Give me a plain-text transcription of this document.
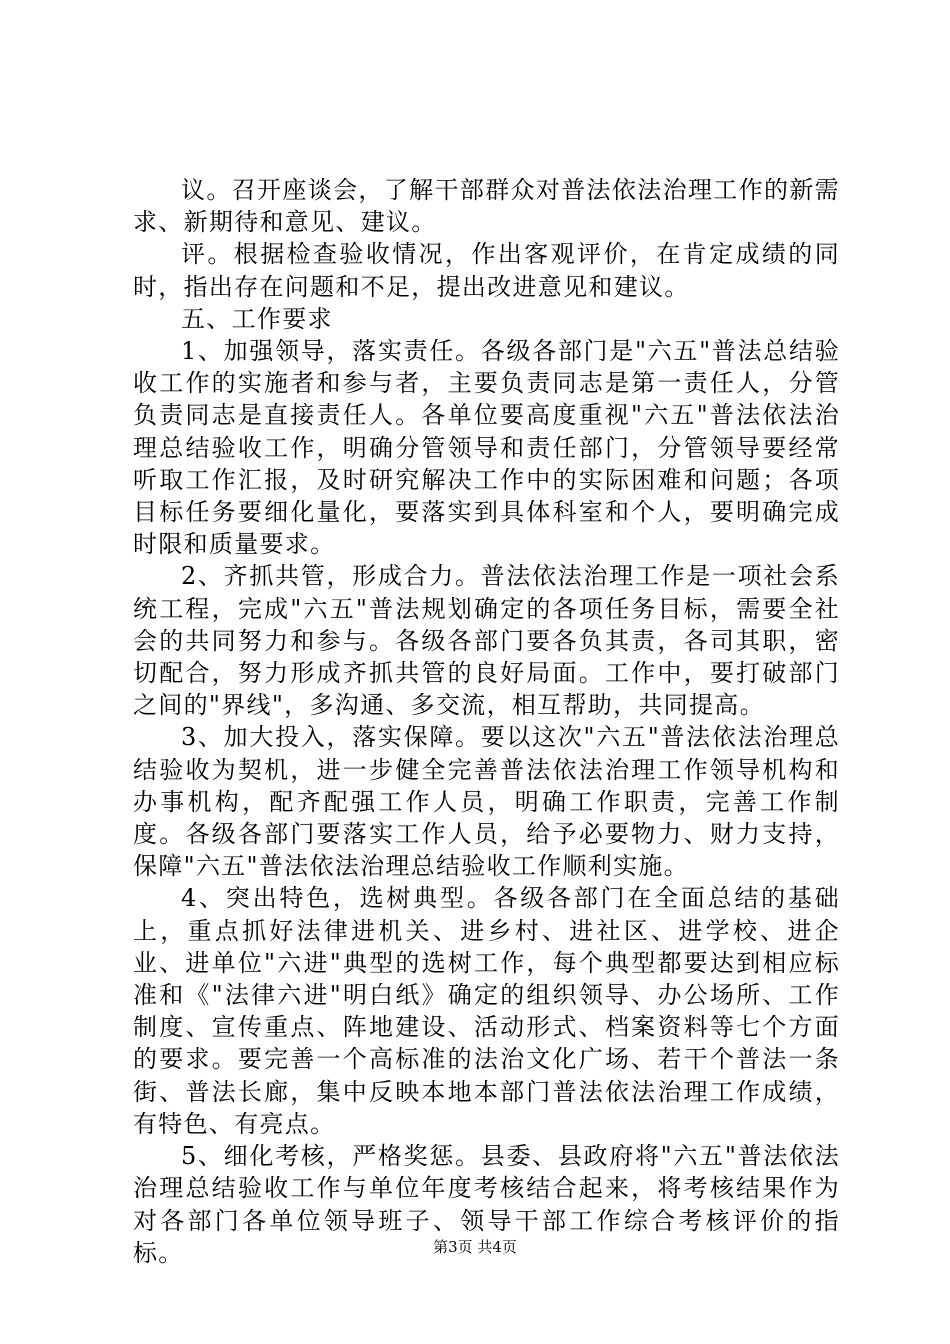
议。召开座谈会，了解干部群众对普法依法治理工作的新需求、新期待和意见、建议。

评。根据检查验收情况，作出客观评价，在肯定成绩的同时，指出存在问题和不足，提出改进意见和建议。

五、工作要求

1、加强领导，落实责任。各级各部门是"六五"普法总结验收工作的实施者和参与者，主要负责同志是第一责任人，分管负责同志是直接责任人。各单位要高度重视"六五"普法依法治理总结验收工作，明确分管领导和责任部门，分管领导要经常听取工作汇报，及时研究解决工作中的实际困难和问题；各项目标任务要细化量化，要落实到具体科室和个人，要明确完成时限和质量要求。

2、齐抓共管，形成合力。普法依法治理工作是一项社会系统工程，完成"六五"普法规划确定的各项任务目标，需要全社会的共同努力和参与。各级各部门要各负其责，各司其职，密切配合，努力形成齐抓共管的良好局面。工作中，要打破部门之间的"界线"，多沟通、多交流，相互帮助，共同提高。

3、加大投入，落实保障。要以这次"六五"普法依法治理总结验收为契机，进一步健全完善普法依法治理工作领导机构和办事机构，配齐配强工作人员，明确工作职责，完善工作制度。各级各部门要落实工作人员，给予必要物力、财力支持，保障"六五"普法依法治理总结验收工作顺利实施。

4、突出特色，选树典型。各级各部门在全面总结的基础上，重点抓好法律进机关、进乡村、进社区、进学校、进企业、进单位"六进"典型的选树工作，每个典型都要达到相应标准和《"法律六进"明白纸》确定的组织领导、办公场所、工作制度、宣传重点、阵地建设、活动形式、档案资料等七个方面的要求。要完善一个高标准的法治文化广场、若干个普法一条街、普法长廊，集中反映本地本部门普法依法治理工作成绩，有特色、有亮点。

5、细化考核，严格奖惩。县委、县政府将"六五"普法依法治理总结验收工作与单位年度考核结合起来，将考核结果作为对各部门各单位领导班子、领导干部工作综合考核评价的指标。	第3页 共4页
